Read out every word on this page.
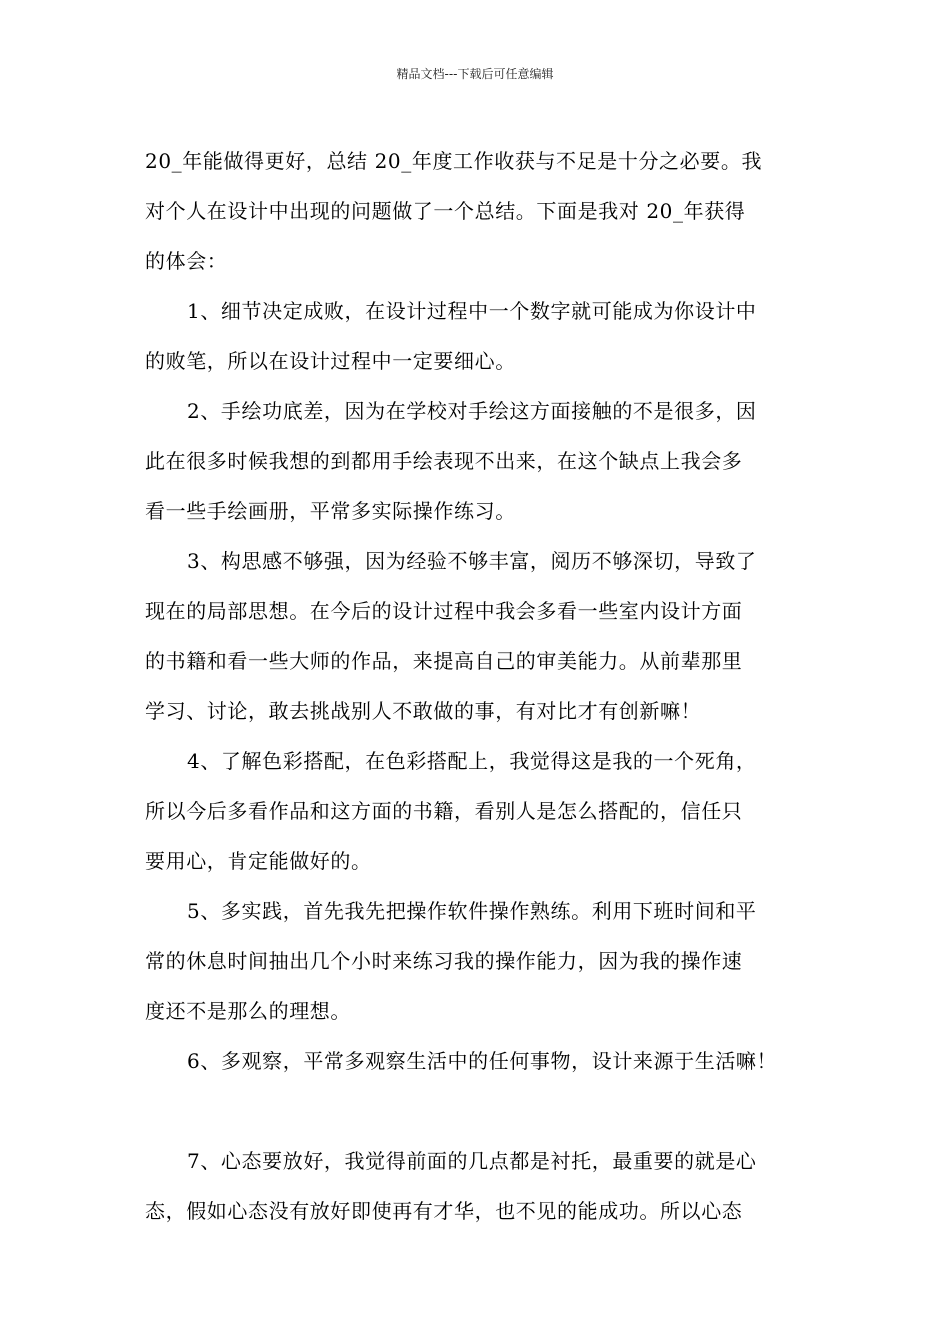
精品文档---下载后可任意编辑
20_年能做得更好，总结 20_年度工作收获与不足是十分之必要。我
对个人在设计中出现的问题做了一个总结。下面是我对 20_年获得
的体会：
1、细节决定成败，在设计过程中一个数字就可能成为你设计中
的败笔，所以在设计过程中一定要细心。
2、手绘功底差，因为在学校对手绘这方面接触的不是很多，因
此在很多时候我想的到都用手绘表现不出来，在这个缺点上我会多
看一些手绘画册，平常多实际操作练习。
3、构思感不够强，因为经验不够丰富，阅历不够深切，导致了
现在的局部思想。在今后的设计过程中我会多看一些室内设计方面
的书籍和看一些大师的作品，来提高自己的审美能力。从前辈那里
学习、讨论，敢去挑战别人不敢做的事，有对比才有创新嘛！
4、了解色彩搭配，在色彩搭配上，我觉得这是我的一个死角，
所以今后多看作品和这方面的书籍，看别人是怎么搭配的，信任只
要用心，肯定能做好的。
5、多实践，首先我先把操作软件操作熟练。利用下班时间和平
常的休息时间抽出几个小时来练习我的操作能力，因为我的操作速
度还不是那么的理想。
6、多观察，平常多观察生活中的任何事物，设计来源于生活嘛！
7、心态要放好，我觉得前面的几点都是衬托，最重要的就是心
态，假如心态没有放好即使再有才华，也不见的能成功。所以心态
